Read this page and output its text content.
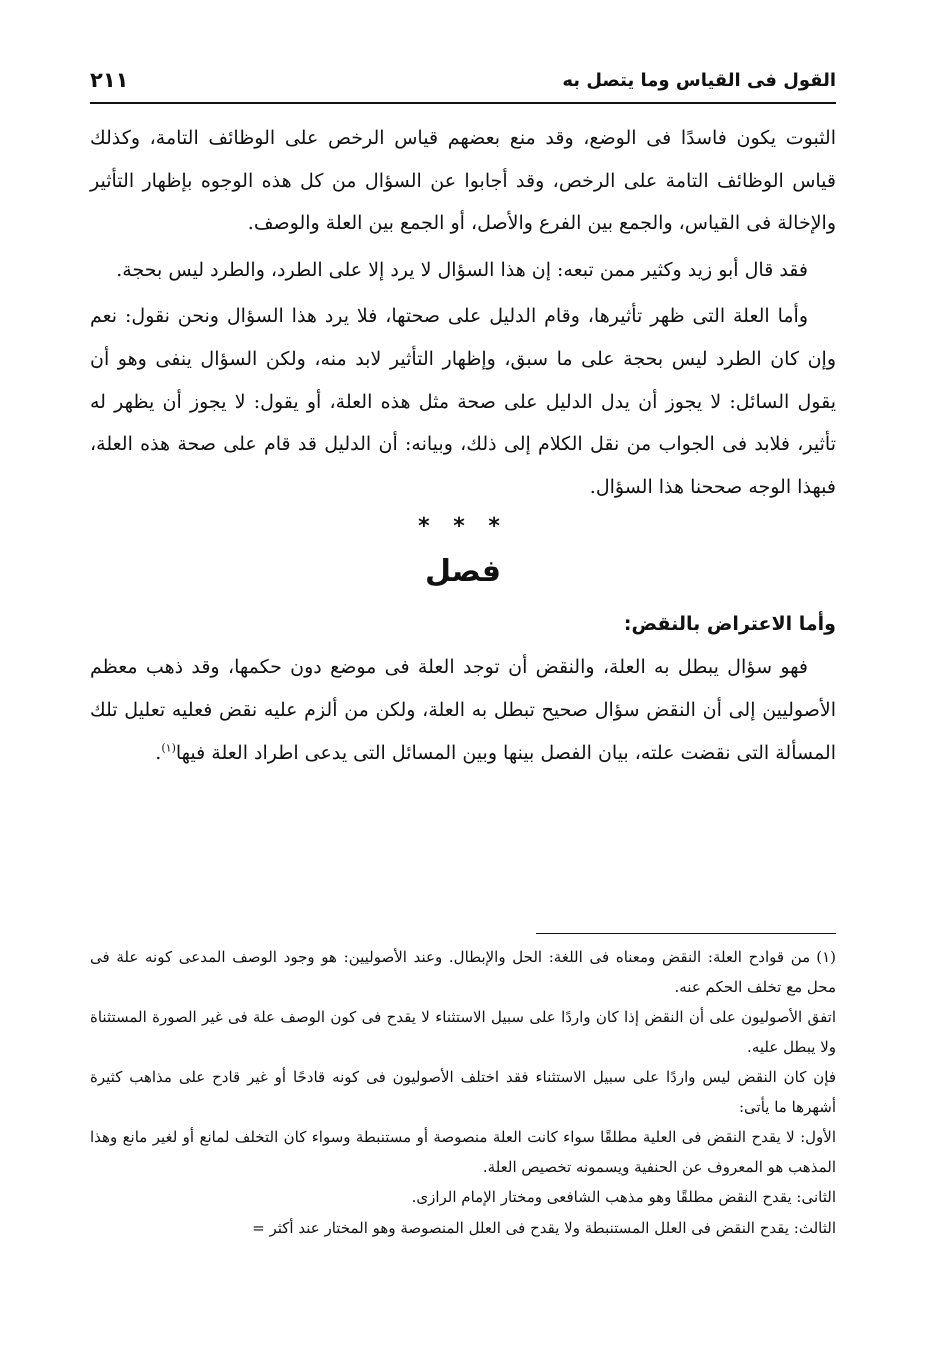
القول فى القياس وما يتصل به
٢١١

الثبوت يكون فاسدًا فى الوضع، وقد منع بعضهم قياس الرخص على الوظائف التامة، وكذلك قياس الوظائف التامة على الرخص، وقد أجابوا عن السؤال من كل هذه الوجوه بإظهار التأثير والإخالة فى القياس، والجمع بين الفرع والأصل، أو الجمع بين العلة والوصف.

فقد قال أبو زيد وكثير ممن تبعه: إن هذا السؤال لا يرد إلا على الطرد، والطرد ليس بحجة.

وأما العلة التى ظهر تأثيرها، وقام الدليل على صحتها، فلا يرد هذا السؤال ونحن نقول: نعم وإن كان الطرد ليس بحجة على ما سبق، وإظهار التأثير لابد منه، ولكن السؤال ينفى وهو أن يقول السائل: لا يجوز أن يدل الدليل على صحة مثل هذه العلة، أو يقول: لا يجوز أن يظهر له تأثير، فلابد فى الجواب من نقل الكلام إلى ذلك، وبيانه: أن الدليل قد قام على صحة هذه العلة، فبهذا الوجه صححنا هذا السؤال.

* * *
فصل
وأما الاعتراض بالنقض:

فهو سؤال يبطل به العلة، والنقض أن توجد العلة فى موضع دون حكمها، وقد ذهب معظم الأصوليين إلى أن النقض سؤال صحيح تبطل به العلة، ولكن من ألزم عليه نقض فعليه تعليل تلك المسألة التى نقضت علته، بيان الفصل بينها وبين المسائل التى يدعى اطراد العلة فيها$^{(١)}$.

(١)من قوادح العلة: النقض ومعناه فى اللغة: الحل والإبطال. وعند الأصوليين: هو وجود الوصف المدعى كونه علة فى محل مع تخلف الحكم عنه.

اتفق الأصوليون على أن النقض إذا كان واردًا على سبيل الاستثناء لا يقدح فى كون الوصف علة فى غير الصورة المستثناة ولا يبطل عليه.

فإن كان النقض ليس واردًا على سبيل الاستثناء فقد اختلف الأصوليون فى كونه قادحًا أو غير قادح على مذاهب كثيرة أشهرها ما يأتى:

الأول: لا يقدح النقض فى العلية مطلقًا سواء كانت العلة منصوصة أو مستنبطة وسواء كان التخلف لمانع أو لغير مانع وهذا المذهب هو المعروف عن الحنفية ويسمونه تخصيص العلة.

الثانى: يقدح النقض مطلقًا وهو مذهب الشافعى ومختار الإمام الرازى.

الثالث: يقدح النقض فى العلل المستنبطة ولا يقدح فى العلل المنصوصة وهو المختار عند أكثر =
